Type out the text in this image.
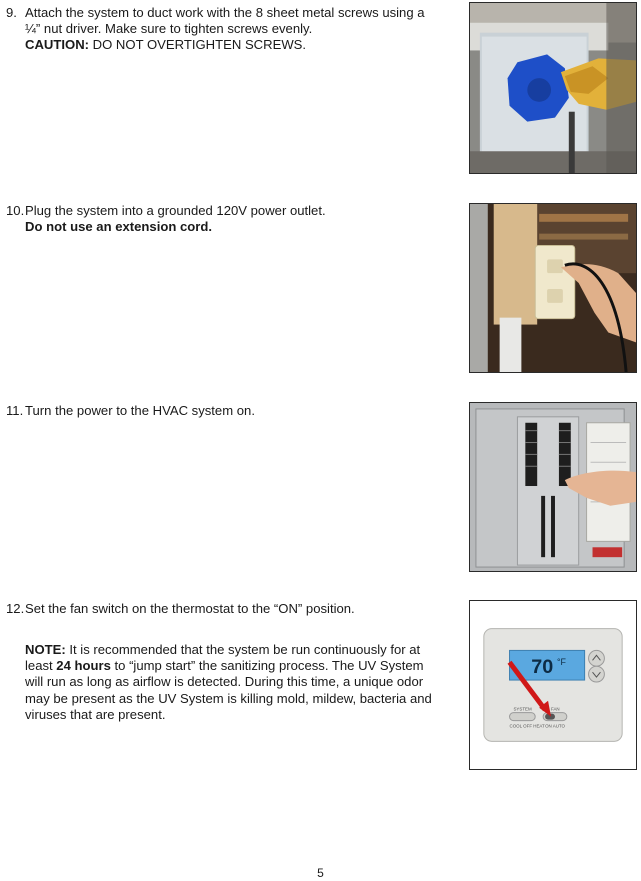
9. Attach the system to duct work with the 8 sheet metal screws using a
¼” nut driver. Make sure to tighten screws evenly.
CAUTION: DO NOT OVERTIGHTEN SCREWS.
10. Plug the system into a grounded 120V power outlet.
Do not use an extension cord.
11. Turn the power to the HVAC system on.
12. Set the fan switch on the thermostat to the “ON” position.
NOTE: It is recommended that the system be run continuously for at
least 24 hours to “jump start” the sanitizing process. The UV System
will run as long as airflow is detected. During this time, a unique odor
may be present as the UV System is killing mold, mildew, bacteria and
viruses that are present.
70 °F
SYSTEM
COOL OFF HEAT
FAN
ON AUTO
5
